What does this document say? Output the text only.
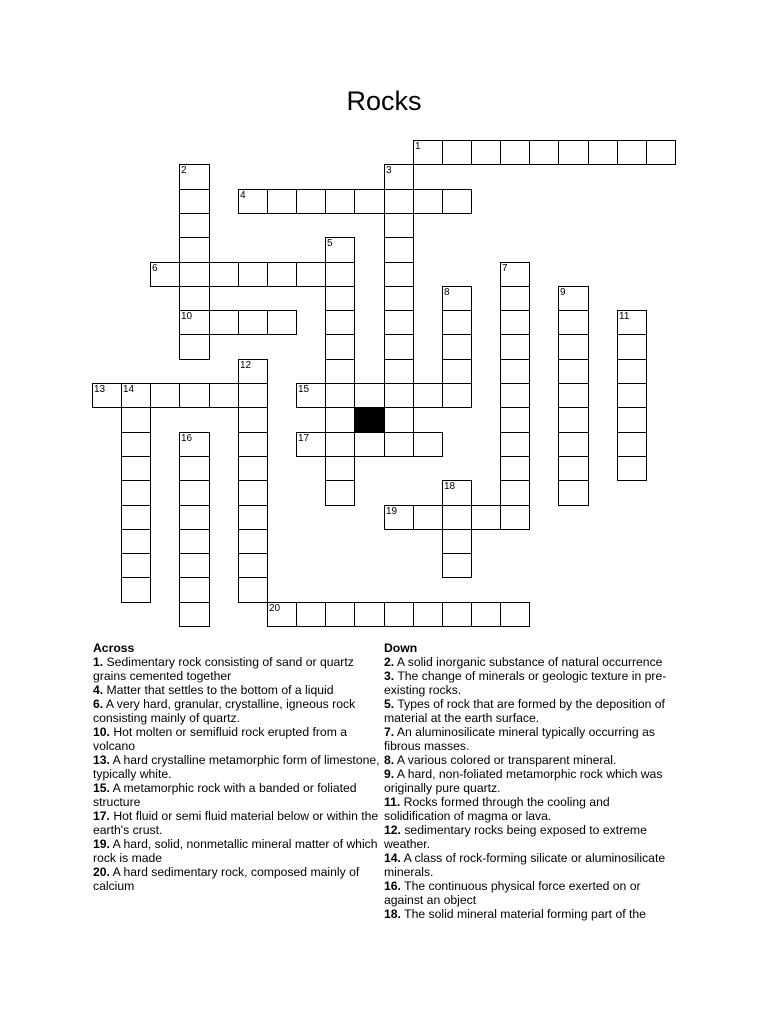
Rocks
1
4
6
10
13 14	15
17
19
20
2	3
5
7
8	9
11
12
16
18
Across
1. Sedimentary rock consisting of sand or quartz grains cemented together
4. Matter that settles to the bottom of a liquid
6. A very hard, granular, crystalline, igneous rock consisting mainly of quartz.
10. Hot molten or semifluid rock erupted from a volcano
13. A hard crystalline metamorphic form of limestone, typically white.
15. A metamorphic rock with a banded or foliated structure
17. Hot fluid or semi fluid material below or within the earth's crust.
19. A hard, solid, nonmetallic mineral matter of which rock is made
20. A hard sedimentary rock, composed mainly of calcium
Down
2. A solid inorganic substance of natural occurrence
3. The change of minerals or geologic texture in pre-existing rocks.
5. Types of rock that are formed by the deposition of material at the earth surface.
7. An aluminosilicate mineral typically occurring as fibrous masses.
8. A various colored or transparent mineral.
9. A hard, non-foliated metamorphic rock which was originally pure quartz.
11. Rocks formed through the cooling and solidification of magma or lava.
12. sedimentary rocks being exposed to extreme weather.
14. A class of rock-forming silicate or aluminosilicate minerals.
16. The continuous physical force exerted on or against an object
18. The solid mineral material forming part of the
